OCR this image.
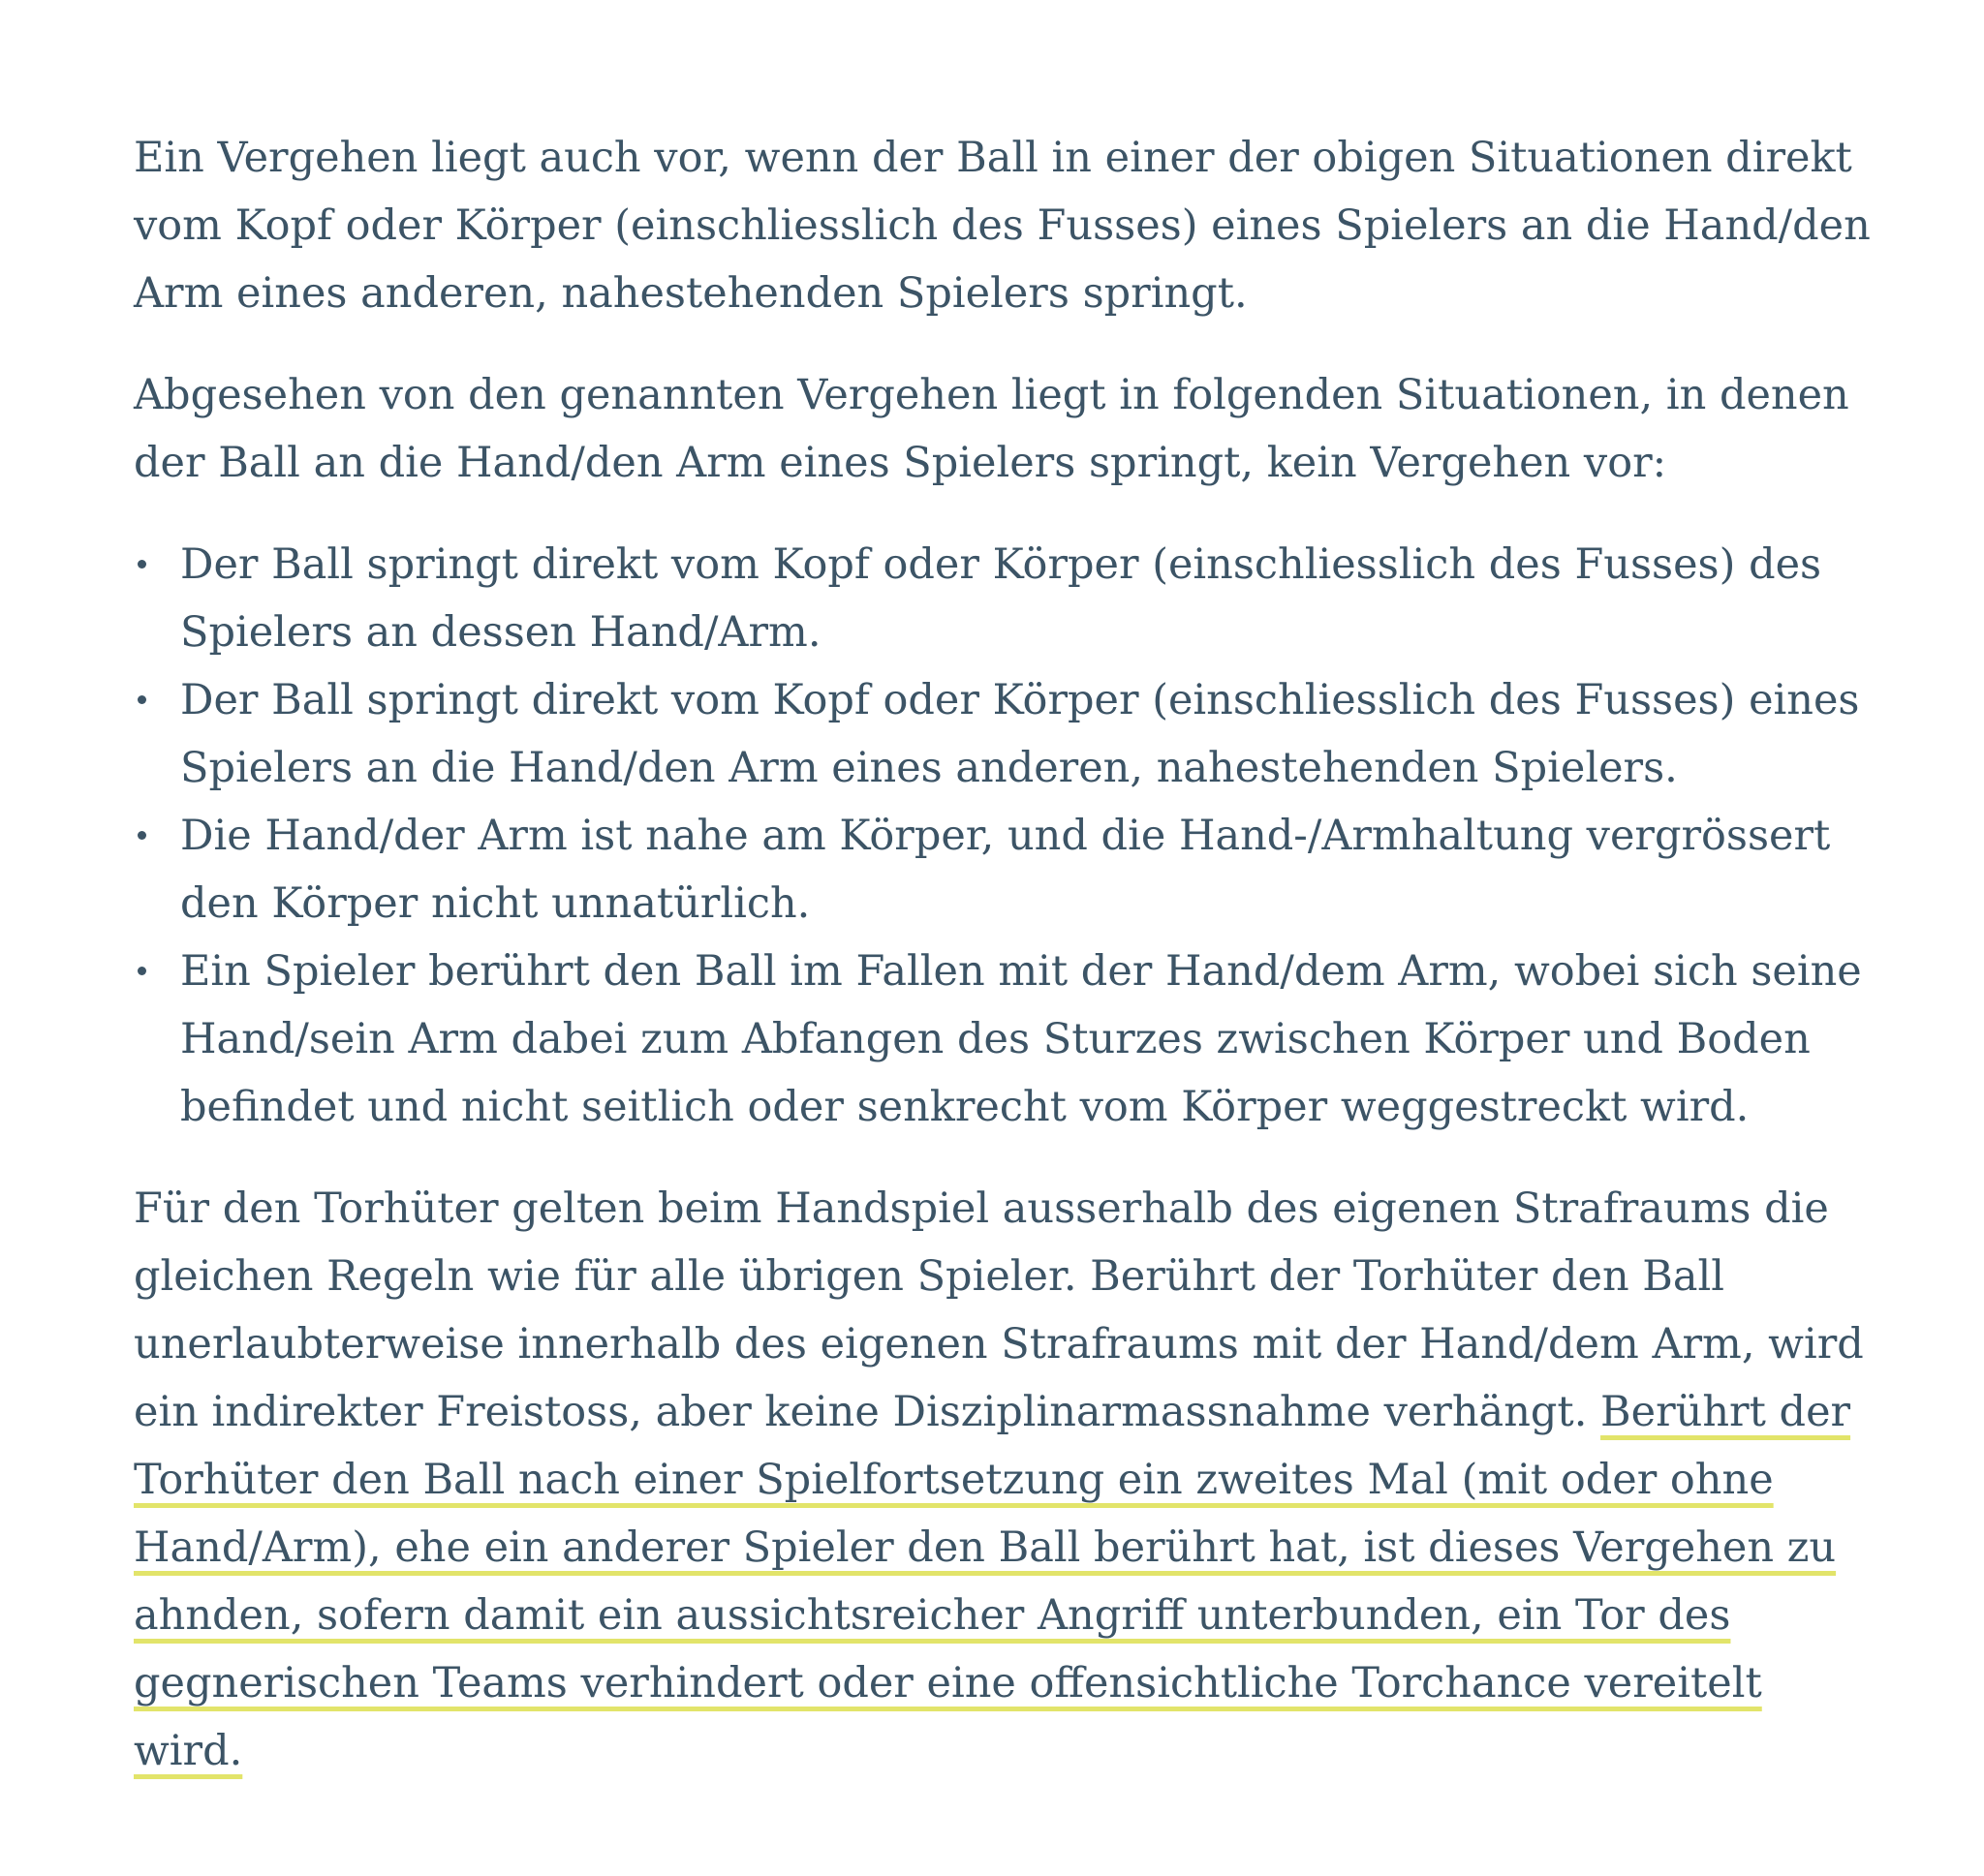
Ein Vergehen liegt auch vor, wenn der Ball in einer der obigen Situationen direkt vom Kopf oder Körper (einschliesslich des Fusses) eines Spielers an die Hand/den Arm eines anderen, nahestehenden Spielers springt.

Abgesehen von den genannten Vergehen liegt in folgenden Situationen, in denen der Ball an die Hand/den Arm eines Spielers springt, kein Vergehen vor:

Der Ball springt direkt vom Kopf oder Körper (einschliesslich des Fusses) des Spielers an dessen Hand/Arm.
Der Ball springt direkt vom Kopf oder Körper (einschliesslich des Fusses) eines Spielers an die Hand/den Arm eines anderen, nahestehenden Spielers.
Die Hand/der Arm ist nahe am Körper, und die Hand-/Armhaltung vergrössert den Körper nicht unnatürlich.
Ein Spieler berührt den Ball im Fallen mit der Hand/dem Arm, wobei sich seine Hand/sein Arm dabei zum Abfangen des Sturzes zwischen Körper und Boden befindet und nicht seitlich oder senkrecht vom Körper weggestreckt wird.

Für den Torhüter gelten beim Handspiel ausserhalb des eigenen Strafraums die gleichen Regeln wie für alle übrigen Spieler. Berührt der Torhüter den Ball unerlaubterweise innerhalb des eigenen Strafraums mit der Hand/dem Arm, wird ein indirekter Freistoss, aber keine Disziplinarmassnahme verhängt. Berührt der Torhüter den Ball nach einer Spielfortsetzung ein zweites Mal (mit oder ohne Hand/Arm), ehe ein anderer Spieler den Ball berührt hat, ist dieses Vergehen zu ahnden, sofern damit ein aussichtsreicher Angriff unterbunden, ein Tor des gegnerischen Teams verhindert oder eine offensichtliche Torchance vereitelt wird.
